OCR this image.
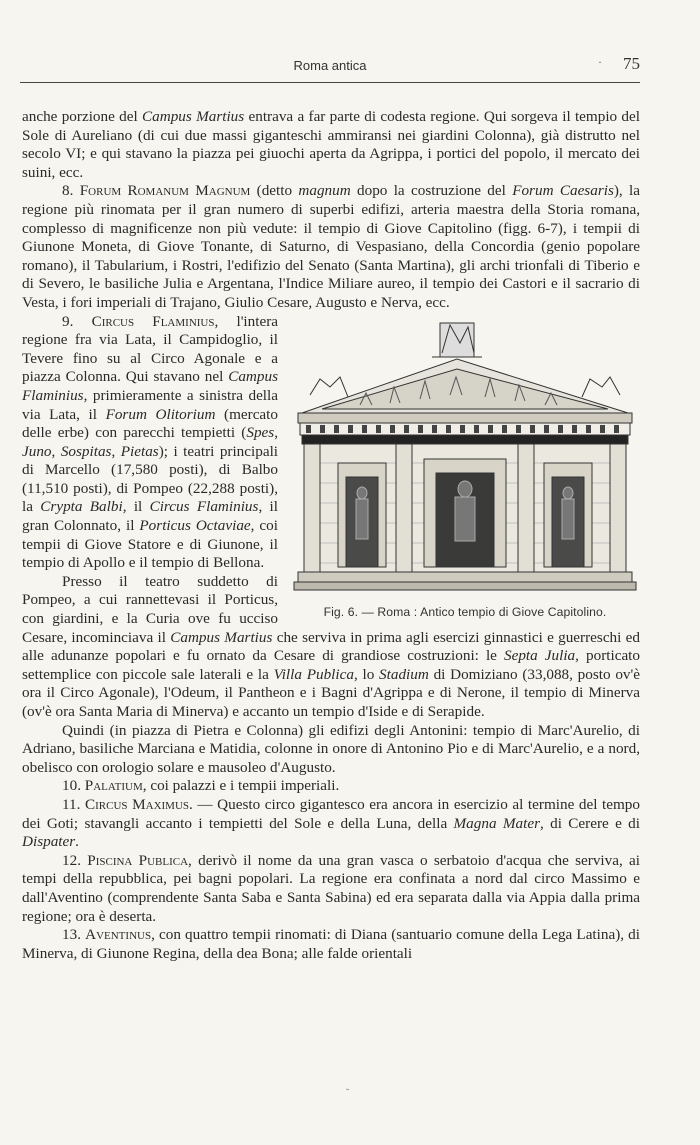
Roma antica	· 75

anche porzione del Campus Martius entrava a far parte di codesta regione. Qui sorgeva il tempio del Sole di Aureliano (di cui due massi giganteschi ammiransi nei giardini Colonna), già distrutto nel secolo VI; e qui stavano la piazza pei giuochi aperta da Agrippa, i portici del popolo, il mercato dei suini, ecc.

8. Forum Romanum Magnum (detto magnum dopo la costruzione del Forum Caesaris), la regione più rinomata per il gran numero di superbi edifizi, arteria maestra della Storia romana, complesso di magnificenze non più vedute: il tempio di Giove Capitolino (figg. 6-7), i tempii di Giunone Moneta, di Giove Tonante, di Saturno, di Vespasiano, della Concordia (genio popolare romano), il Tabularium, i Rostri, l'edifizio del Senato (Santa Martina), gli archi trionfali di Tiberio e di Severo, le basiliche Julia e Argentana, l'Indice Miliare aureo, il tempio dei Castori e il sacrario di Vesta, i fori imperiali di Trajano, Giulio Cesare, Augusto e Nerva, ecc.

Fig. 6. — Roma : Antico tempio di Giove Capitolino.

9. Circus Flaminius, l'intera regione fra via Lata, il Campidoglio, il Tevere fino su al Circo Agonale e a piazza Colonna. Qui stavano nel Campus Flaminius, primieramente a sinistra della via Lata, il Forum Olitorium (mercato delle erbe) con parecchi tempietti (Spes, Juno, Sospitas, Pietas); i teatri principali di Marcello (17,580 posti), di Balbo (11,510 posti), di Pompeo (22,288 posti), la Crypta Balbi, il Circus Flaminius, il gran Colonnato, il Porticus Octaviae, coi tempii di Giove Statore e di Giunone, il tempio di Apollo e il tempio di Bellona.

Presso il teatro suddetto di Pompeo, a cui rannettevasi il Porticus, con giardini, e la Curia ove fu ucciso Cesare, incominciava il Campus Martius che serviva in prima agli esercizi ginnastici e guerreschi ed alle adunanze popolari e fu ornato da Cesare di grandiose costruzioni: le Septa Julia, porticato settemplice con piccole sale laterali e la Villa Publica, lo Stadium di Domiziano (33,088, posto ov'è ora il Circo Agonale), l'Odeum, il Pantheon e i Bagni d'Agrippa e di Nerone, il tempio di Minerva (ov'è ora Santa Maria di Minerva) e accanto un tempio d'Iside e di Serapide.

Quindi (in piazza di Pietra e Colonna) gli edifizi degli Antonini: tempio di Marc'Aurelio, di Adriano, basiliche Marciana e Matidia, colonne in onore di Antonino Pio e di Marc'Aurelio, e a nord, obelisco con orologio solare e mausoleo d'Augusto.

10. Palatium, coi palazzi e i tempii imperiali.

11. Circus Maximus. — Questo circo gigantesco era ancora in esercizio al termine del tempo dei Goti; stavangli accanto i tempietti del Sole e della Luna, della Magna Mater, di Cerere e di Dispater.

12. Piscina Publica, derivò il nome da una gran vasca o serbatoio d'acqua che serviva, ai tempi della repubblica, pei bagni popolari. La regione era confinata a nord dal circo Massimo e dall'Aventino (comprendente Santa Saba e Santa Sabina) ed era separata dalla via Appia dalla prima regione; ora è deserta.

13. Aventinus, con quattro tempii rinomati: di Diana (santuario comune della Lega Latina), di Minerva, di Giunone Regina, della dea Bona; alle falde orientali

˘
